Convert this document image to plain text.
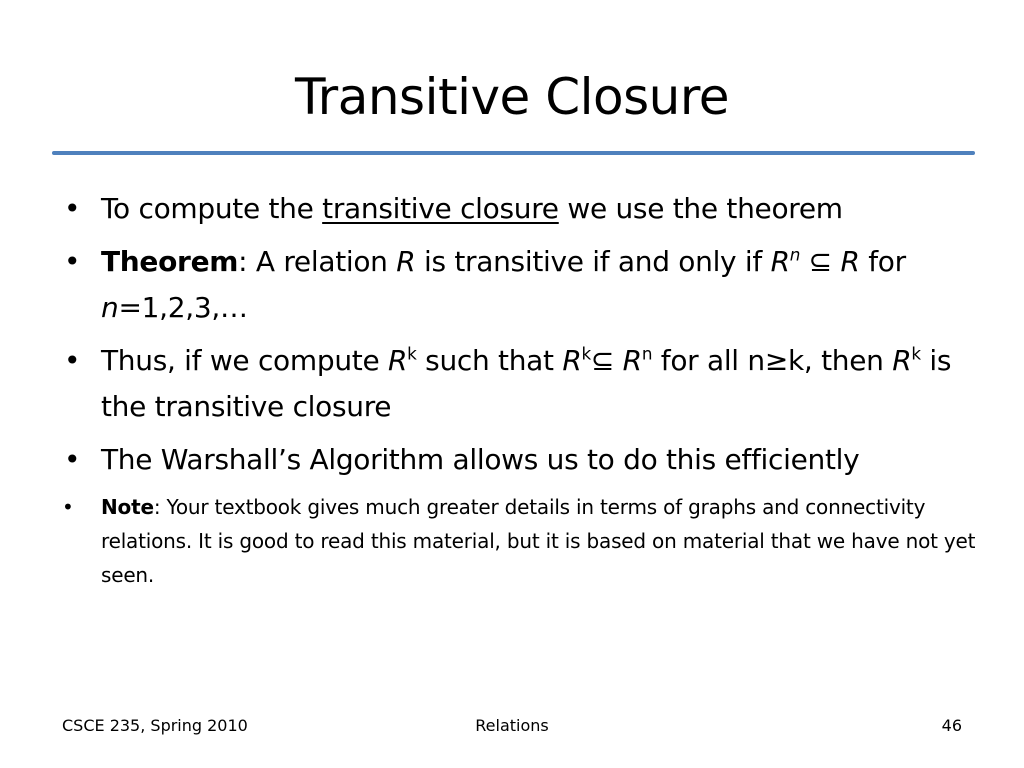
Transitive Closure
• To compute the transitive closure we use the theorem
• Theorem: A relation R is transitive if and only if $R^n$ ⊆ R for n=1,2,3,…
• Thus, if we compute $R^k$ such that $R^k⊆$ $R^n$ for all n≥k, then $R^k$ is the transitive closure
• The Warshall’s Algorithm allows us to do this efficiently
• Note: Your textbook gives much greater details in terms of graphs and connectivity relations. It is good to read this material, but it is based on material that we have not yet seen.
CSCE 235, Spring 2010	Relations	46
